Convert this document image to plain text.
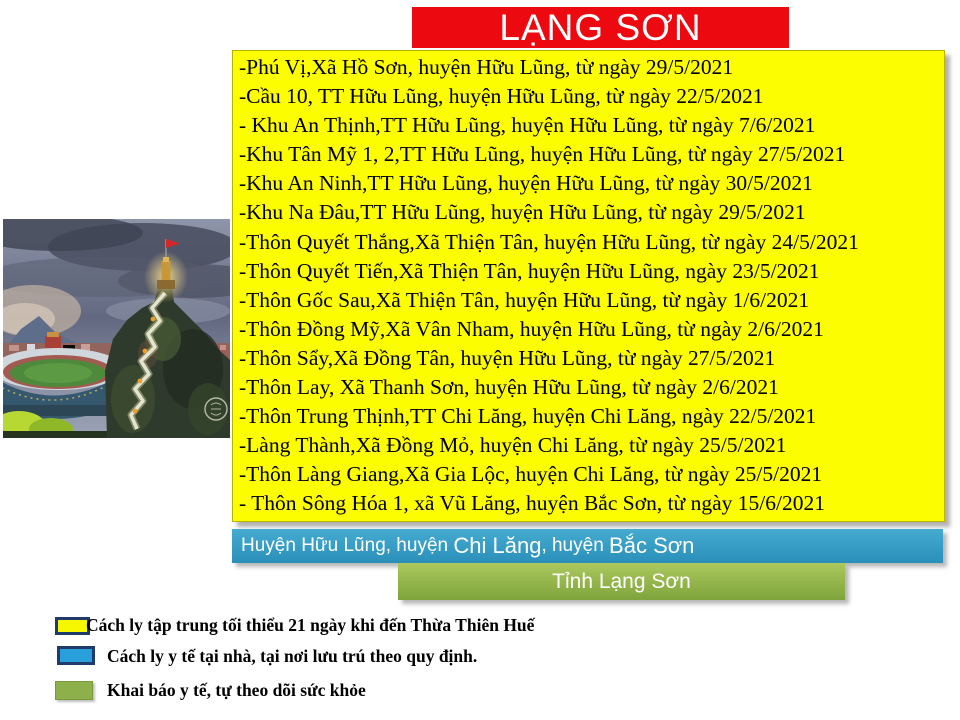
LẠNG SƠN
-Phú Vị,Xã Hồ Sơn, huyện Hữu Lũng, từ ngày 29/5/2021
-Cầu 10, TT Hữu Lũng, huyện Hữu Lũng, từ ngày 22/5/2021
- Khu An Thịnh,TT Hữu Lũng, huyện Hữu Lũng, từ ngày 7/6/2021
-Khu Tân Mỹ 1, 2,TT Hữu Lũng, huyện Hữu Lũng, từ ngày 27/5/2021
-Khu An Ninh,TT Hữu Lũng, huyện Hữu Lũng, từ ngày 30/5/2021
-Khu Na Đâu,TT Hữu Lũng, huyện Hữu Lũng, từ ngày 29/5/2021
-Thôn Quyết Thắng,Xã Thiện Tân, huyện Hữu Lũng, từ ngày 24/5/2021
-Thôn Quyết Tiến,Xã Thiện Tân, huyện Hữu Lũng, ngày 23/5/2021
-Thôn Gốc Sau,Xã Thiện Tân, huyện Hữu Lũng, từ ngày 1/6/2021
-Thôn Đồng Mỹ,Xã Vân Nham, huyện Hữu Lũng, từ ngày 2/6/2021
-Thôn Sẩy,Xã Đồng Tân, huyện Hữu Lũng, từ ngày 27/5/2021
-Thôn Lay, Xã Thanh Sơn, huyện Hữu Lũng, từ ngày 2/6/2021
-Thôn Trung Thịnh,TT Chi Lăng, huyện Chi Lăng, ngày 22/5/2021
-Làng Thành,Xã Đồng Mỏ, huyện Chi Lăng, từ ngày 25/5/2021
-Thôn Làng Giang,Xã Gia Lộc, huyện Chi Lăng, từ ngày 25/5/2021
- Thôn Sông Hóa 1, xã Vũ Lăng, huyện Bắc Sơn, từ ngày 15/6/2021
Huyện Hữu Lũng, huyện Chi Lăng , huyện Bắc Sơn
Tỉnh Lạng Sơn
Cách ly tập trung tối thiểu 21 ngày khi đến Thừa Thiên Huế
Cách ly y tế tại nhà, tại nơi lưu trú theo quy định.
Khai báo y tế, tự theo dõi sức khỏe
